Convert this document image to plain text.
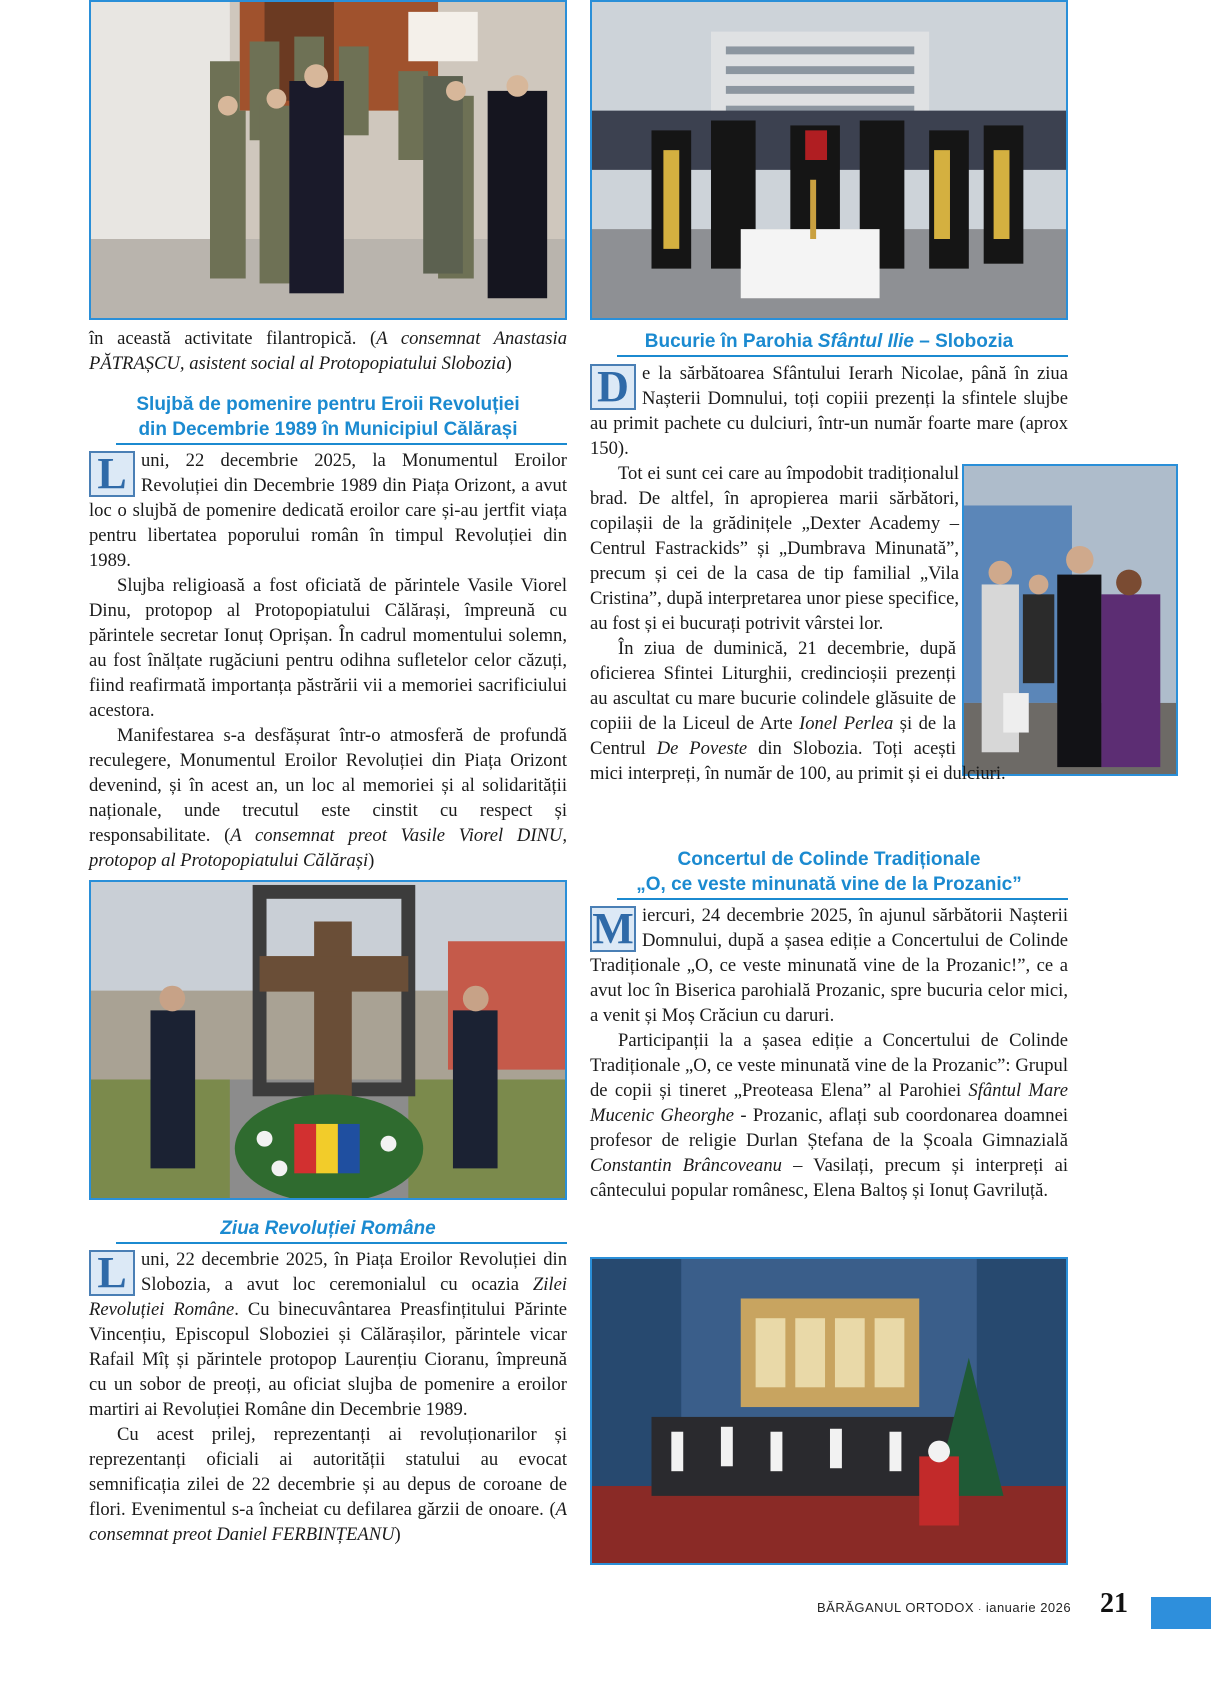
în această activitate filantropică. (A consemnat Anastasia PĂTRAȘCU, asistent social al Protopopiatului Slobozia)

Slujbă de pomenire pentru Eroii Revoluției
din Decembrie 1989 în Municipiul Călărași

L uni, 22 decembrie 2025, la Monumentul Eroilor Revoluției din Decembrie 1989 din Piața Orizont, a avut loc o slujbă de pomenire dedicată eroilor care și-au jertfit viața pentru libertatea poporului român în timpul Revoluției din 1989.

Slujba religioasă a fost oficiată de părintele Vasile Viorel Dinu, protopop al Protopopiatului Călărași, împreună cu părintele secretar Ionuț Oprișan. În cadrul momentului solemn, au fost înălțate rugăciuni pentru odihna sufletelor celor căzuți, fiind reafirmată importanța păstrării vii a memoriei sacrificiului acestora.

Manifestarea s-a desfășurat într-o atmosferă de profundă reculegere, Monumentul Eroilor Revoluției din Piața Orizont devenind, și în acest an, un loc al memoriei și al solidarității naționale, unde trecutul este cinstit cu respect și responsabilitate. (A consemnat preot Vasile Viorel DINU, protopop al Protopopiatului Călărași)

Ziua Revoluției Române

L uni, 22 decembrie 2025, în Piața Eroilor Revoluției din Slobozia, a avut loc ceremonialul cu ocazia Zilei Revoluției Române. Cu binecuvântarea Preasfințitului Părinte Vincențiu, Episcopul Sloboziei și Călărașilor, părintele vicar Rafail Mîț și părintele protopop Laurențiu Cioranu, împreună cu un sobor de preoți, au oficiat slujba de pomenire a eroilor martiri ai Revoluției Române din Decembrie 1989.

Cu acest prilej, reprezentanți ai revoluționarilor și reprezentanți oficiali ai autorității statului au evocat semnificația zilei de 22 decembrie și au depus de coroane de flori. Evenimentul s-a încheiat cu defilarea gărzii de onoare. (A consemnat preot Daniel FERBINȚEANU)

Bucurie în Parohia Sfântul Ilie – Slobozia

D e la sărbătoarea Sfântului Ierarh Nicolae, până în ziua Nașterii Domnului, toți copiii prezenți la sfintele slujbe au primit pachete cu dulciuri, într-un număr foarte mare (aprox 150).

Tot ei sunt cei care au împodobit tradiționalul brad. De altfel, în apropierea marii sărbători, copilașii de la grădinițele „Dexter Academy – Centrul Fastrackids” și „Dumbrava Minunată”, precum și cei de la casa de tip familial „Vila Cristina”, după interpretarea unor piese specifice, au fost și ei bucurați potrivit vârstei lor.

În ziua de duminică, 21 decembrie, după oficierea Sfintei Liturghii, credincioșii prezenți au ascultat cu mare bucurie colindele glăsuite de copiii de la Liceul de Arte Ionel Perlea și de la Centrul De Poveste din Slobozia. Toți acești mici interpreți, în număr de 100, au primit și ei dulciuri.

Concertul de Colinde Tradiționale
„O, ce veste minunată vine de la Prozanic”

M iercuri, 24 decembrie 2025, în ajunul sărbătorii Nașterii Domnului, după a șasea ediție a Concertului de Colinde Tradiționale „O, ce veste minunată vine de la Prozanic!”, ce a avut loc în Biserica parohială Prozanic, spre bucuria celor mici, a venit și Moș Crăciun cu daruri.

Participanții la a șasea ediție a Concertului de Colinde Tradiționale „O, ce veste minunată vine de la Prozanic”: Grupul de copii și tineret „Preoteasa Elena” al Parohiei Sfântul Mare Mucenic Gheorghe - Prozanic, aflați sub coordonarea doamnei profesor de religie Durlan Ștefana de la Școala Gimnazială Constantin Brâncoveanu – Vasilați, precum și interpreți ai cântecului popular românesc, Elena Baltoș și Ionuț Gavriluță.

BĂRĂGANUL ORTODOX · ianuarie 2026 21
